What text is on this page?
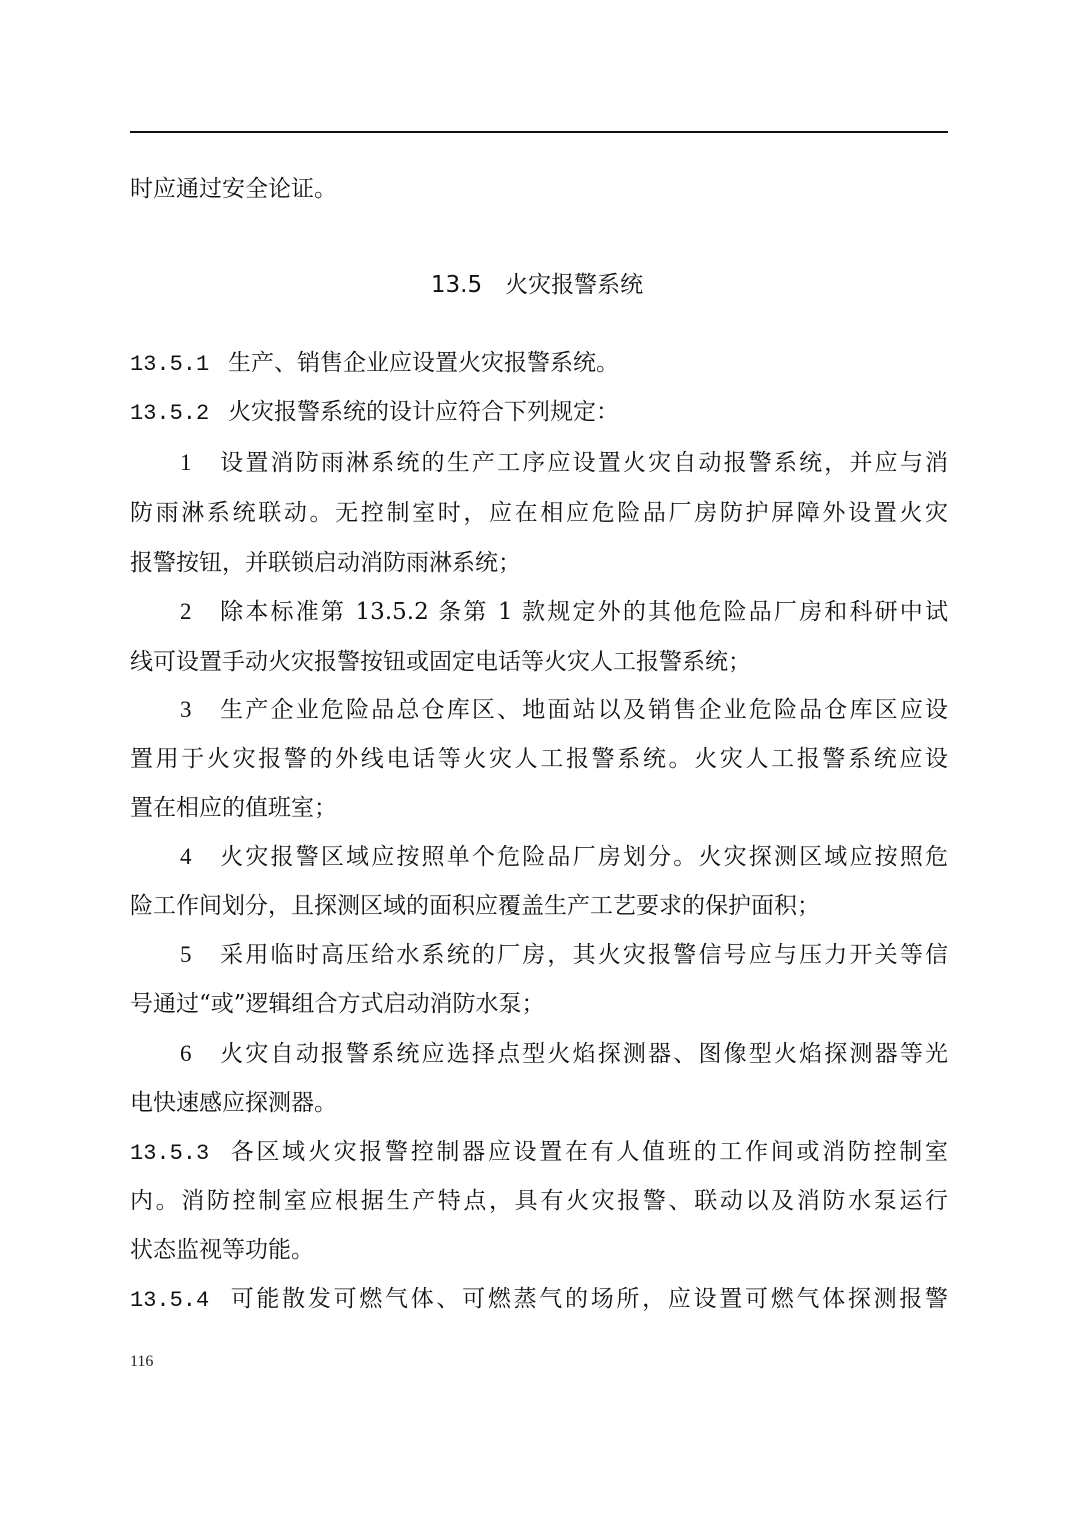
时应通过安全论证。
13.5　火灾报警系统
13.5.1 生产、销售企业应设置火灾报警系统。
13.5.2 火灾报警系统的设计应符合下列规定：
1 设置消防雨淋系统的生产工序应设置火灾自动报警系统，并应与消
防雨淋系统联动。无控制室时，应在相应危险品厂房防护屏障外设置火灾
报警按钮，并联锁启动消防雨淋系统；
2 除本标准第 13.5.2 条第 1 款规定外的其他危险品厂房和科研中试
线可设置手动火灾报警按钮或固定电话等火灾人工报警系统；
3 生产企业危险品总仓库区、地面站以及销售企业危险品仓库区应设
置用于火灾报警的外线电话等火灾人工报警系统。火灾人工报警系统应设
置在相应的值班室；
4 火灾报警区域应按照单个危险品厂房划分。火灾探测区域应按照危
险工作间划分，且探测区域的面积应覆盖生产工艺要求的保护面积；
5 采用临时高压给水系统的厂房，其火灾报警信号应与压力开关等信
号通过“或”逻辑组合方式启动消防水泵；
6 火灾自动报警系统应选择点型火焰探测器、图像型火焰探测器等光
电快速感应探测器。
13.5.3 各区域火灾报警控制器应设置在有人值班的工作间或消防控制室
内。消防控制室应根据生产特点，具有火灾报警、联动以及消防水泵运行
状态监视等功能。
13.5.4 可能散发可燃气体、可燃蒸气的场所，应设置可燃气体探测报警
116
